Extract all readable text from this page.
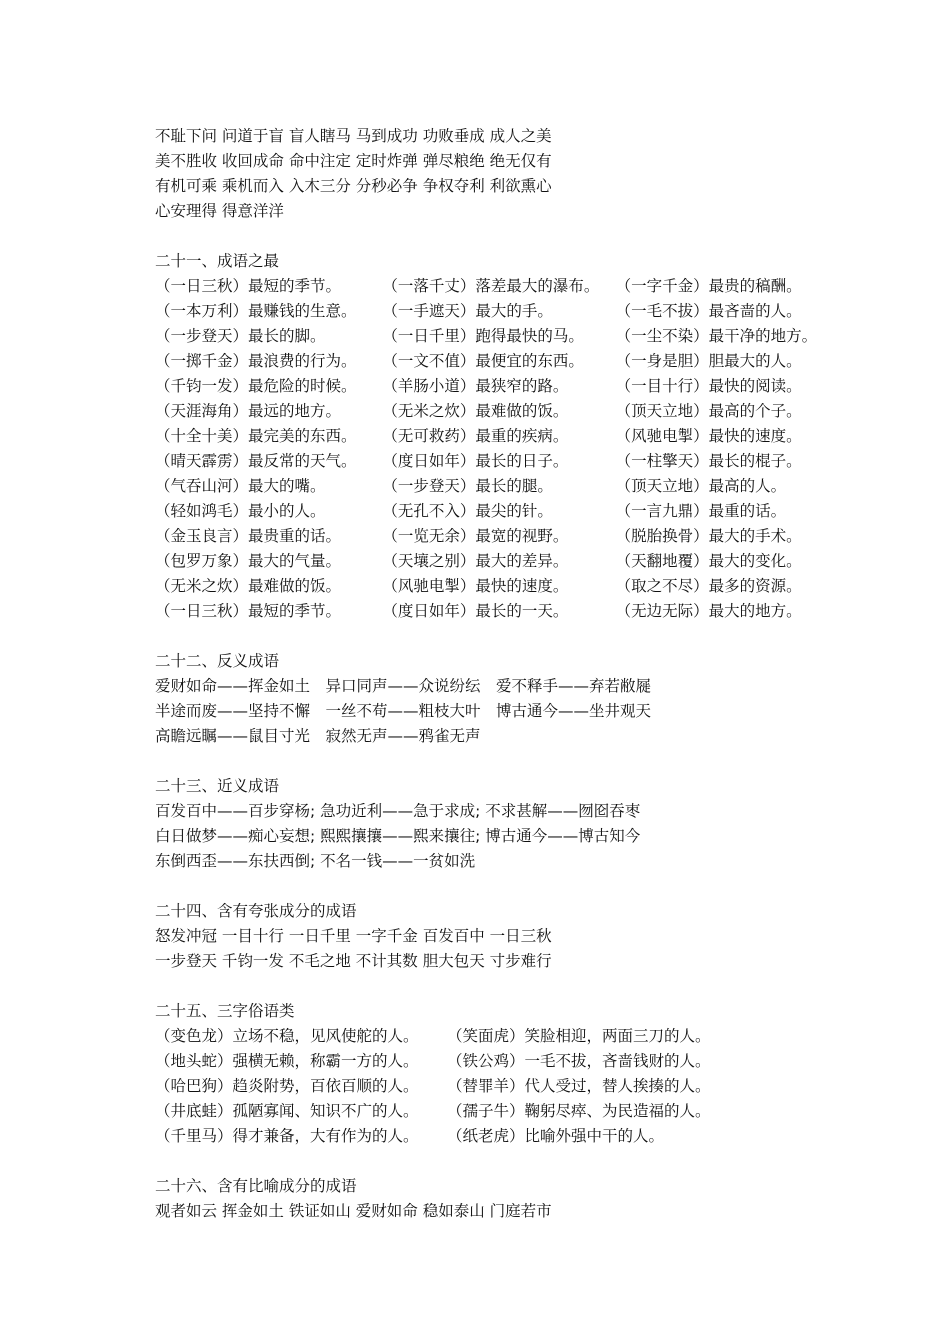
不耻下问 问道于盲 盲人瞎马 马到成功 功败垂成 成人之美
美不胜收 收回成命 命中注定 定时炸弹 弹尽粮绝 绝无仅有
有机可乘 乘机而入 入木三分 分秒必争 争权夺利 利欲熏心
心安理得 得意洋洋
二十一、成语之最
（一日三秋）最短的季节。	（一落千丈）落差最大的瀑布。	（一字千金）最贵的稿酬。
（一本万利）最赚钱的生意。	（一手遮天）最大的手。	（一毛不拔）最吝啬的人。
（一步登天）最长的脚。	（一日千里）跑得最快的马。	（一尘不染）最干净的地方。
（一掷千金）最浪费的行为。	（一文不值）最便宜的东西。	（一身是胆）胆最大的人。
（千钧一发）最危险的时候。	（羊肠小道）最狭窄的路。	（一目十行）最快的阅读。
（天涯海角）最远的地方。	（无米之炊）最难做的饭。	（顶天立地）最高的个子。
（十全十美）最完美的东西。	（无可救药）最重的疾病。	（风驰电掣）最快的速度。
（晴天霹雳）最反常的天气。	（度日如年）最长的日子。	（一柱擎天）最长的棍子。
（气吞山河）最大的嘴。	（一步登天）最长的腿。	（顶天立地）最高的人。
（轻如鸿毛）最小的人。	（无孔不入）最尖的针。	（一言九鼎）最重的话。
（金玉良言）最贵重的话。	（一览无余）最宽的视野。	（脱胎换骨）最大的手术。
（包罗万象）最大的气量。	（天壤之别）最大的差异。	（天翻地覆）最大的变化。
（无米之炊）最难做的饭。	（风驰电掣）最快的速度。	（取之不尽）最多的资源。
（一日三秋）最短的季节。	（度日如年）最长的一天。	（无边无际）最大的地方。
二十二、反义成语
爱财如命——挥金如土　异口同声——众说纷纭　爱不释手——弃若敝屣
半途而废——坚持不懈　一丝不苟——粗枝大叶　博古通今——坐井观天
高瞻远瞩——鼠目寸光　寂然无声——鸦雀无声
二十三、近义成语
百发百中——百步穿杨; 急功近利——急于求成; 不求甚解——囫囵吞枣
白日做梦——痴心妄想; 熙熙攘攘——熙来攘往; 博古通今——博古知今
东倒西歪——东扶西倒; 不名一钱——一贫如洗
二十四、含有夸张成分的成语
怒发冲冠 一目十行 一日千里 一字千金 百发百中 一日三秋
一步登天 千钧一发 不毛之地 不计其数 胆大包天 寸步难行
二十五、三字俗语类
（变色龙）立场不稳，见风使舵的人。	（笑面虎）笑脸相迎，两面三刀的人。
（地头蛇）强横无赖，称霸一方的人。	（铁公鸡）一毛不拔，吝啬钱财的人。
（哈巴狗）趋炎附势，百依百顺的人。	（替罪羊）代人受过，替人挨揍的人。
（井底蛙）孤陋寡闻、知识不广的人。	（孺子牛）鞠躬尽瘁、为民造福的人。
（千里马）得才兼备，大有作为的人。	（纸老虎）比喻外强中干的人。
二十六、含有比喻成分的成语
观者如云 挥金如土 铁证如山 爱财如命 稳如泰山 门庭若市
